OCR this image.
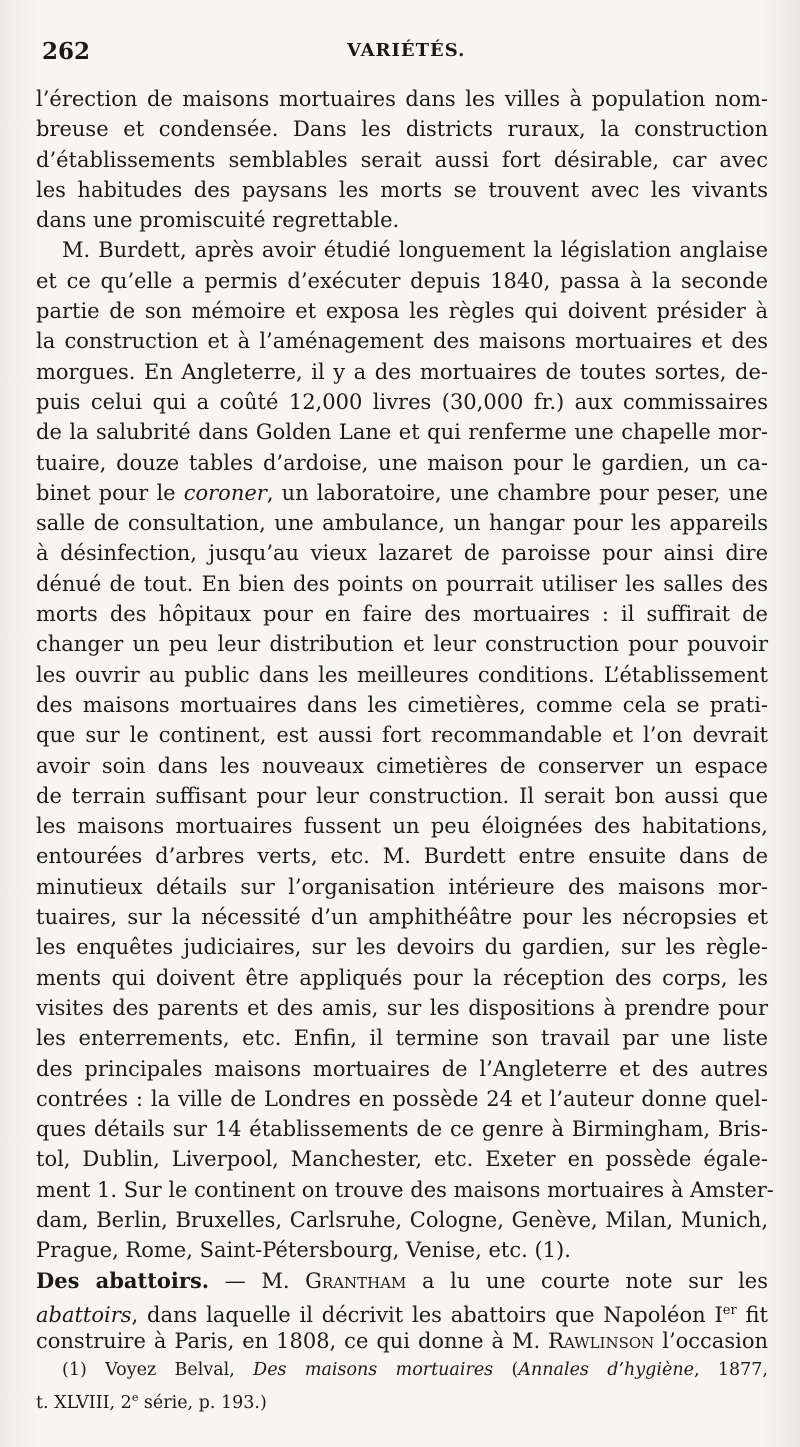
262	VARIÉTÉS.
l’érection de maisons mortuaires dans les villes à population nom-
breuse et condensée. Dans les districts ruraux, la construction
d’établissements semblables serait aussi fort désirable, car avec
les habitudes des paysans les morts se trouvent avec les vivants
dans une promiscuité regrettable.
M. Burdett, après avoir étudié longuement la législation anglaise
et ce qu’elle a permis d’exécuter depuis 1840, passa à la seconde
partie de son mémoire et exposa les règles qui doivent présider à
la construction et à l’aménagement des maisons mortuaires et des
morgues. En Angleterre, il y a des mortuaires de toutes sortes, de-
puis celui qui a coûté 12,000 livres (30,000 fr.) aux commissaires
de la salubrité dans Golden Lane et qui renferme une chapelle mor-
tuaire, douze tables d’ardoise, une maison pour le gardien, un ca-
binet pour le coroner, un laboratoire, une chambre pour peser, une
salle de consultation, une ambulance, un hangar pour les appareils
à désinfection, jusqu’au vieux lazaret de paroisse pour ainsi dire
dénué de tout. En bien des points on pourrait utiliser les salles des
morts des hôpitaux pour en faire des mortuaires : il suffirait de
changer un peu leur distribution et leur construction pour pouvoir
les ouvrir au public dans les meilleures conditions. L’établissement
des maisons mortuaires dans les cimetières, comme cela se prati-
que sur le continent, est aussi fort recommandable et l’on devrait
avoir soin dans les nouveaux cimetières de conserver un espace
de terrain suffisant pour leur construction. Il serait bon aussi que
les maisons mortuaires fussent un peu éloignées des habitations,
entourées d’arbres verts, etc. M. Burdett entre ensuite dans de
minutieux détails sur l’organisation intérieure des maisons mor-
tuaires, sur la nécessité d’un amphithéâtre pour les nécropsies et
les enquêtes judiciaires, sur les devoirs du gardien, sur les règle-
ments qui doivent être appliqués pour la réception des corps, les
visites des parents et des amis, sur les dispositions à prendre pour
les enterrements, etc. Enfin, il termine son travail par une liste
des principales maisons mortuaires de l’Angleterre et des autres
contrées : la ville de Londres en possède 24 et l’auteur donne quel-
ques détails sur 14 établissements de ce genre à Birmingham, Bris-
tol, Dublin, Liverpool, Manchester, etc. Exeter en possède égale-
ment 1. Sur le continent on trouve des maisons mortuaires à Amster-
dam, Berlin, Bruxelles, Carlsruhe, Cologne, Genève, Milan, Munich,
Prague, Rome, Saint-Pétersbourg, Venise, etc. (1).
Des abattoirs. — M. Grantham a lu une courte note sur les
abattoirs, dans laquelle il décrivit les abattoirs que Napoléon Ier fit
construire à Paris, en 1808, ce qui donne à M. Rawlinson l’occasion
(1) Voyez Belval, Des maisons mortuaires (Annales d’hygiène, 1877,
t. XLVIII, 2e série, p. 193.)
